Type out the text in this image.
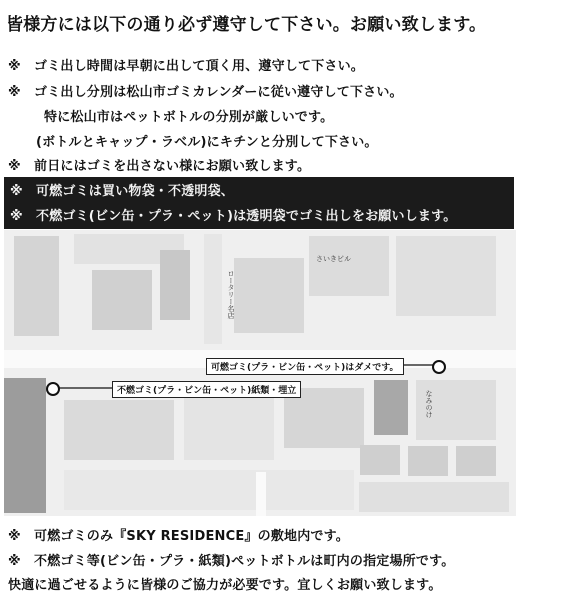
皆様方には以下の通り必ず遵守して下さい。お願い致します。
※ ゴミ出し時間は早朝に出して頂く用、遵守して下さい。
※ ゴミ出し分別は松山市ゴミカレンダーに従い遵守して下さい。
特に松山市はペットボトルの分別が厳しいです。
(ボトルとキャップ・ラベル)にキチンと分別して下さい。
※ 前日にはゴミを出さない様にお願い致します。
※ 可燃ゴミは買い物袋・不透明袋、
※ 不燃ゴミ(ビン缶・プラ・ペット)は透明袋でゴミ出しをお願いします。
さいきビル
ロータリー名店
なみのけ
可燃ゴミ(プラ・ビン缶・ペット)はダメです。
不燃ゴミ(プラ・ビン缶・ペット)紙類・埋立
※ 可燃ゴミのみ『SKY RESIDENCE』の敷地内です。
※ 不燃ゴミ等(ビン缶・プラ・紙類)ペットボトルは町内の指定場所です。
快適に過ごせるように皆様のご協力が必要です。宜しくお願い致します。
